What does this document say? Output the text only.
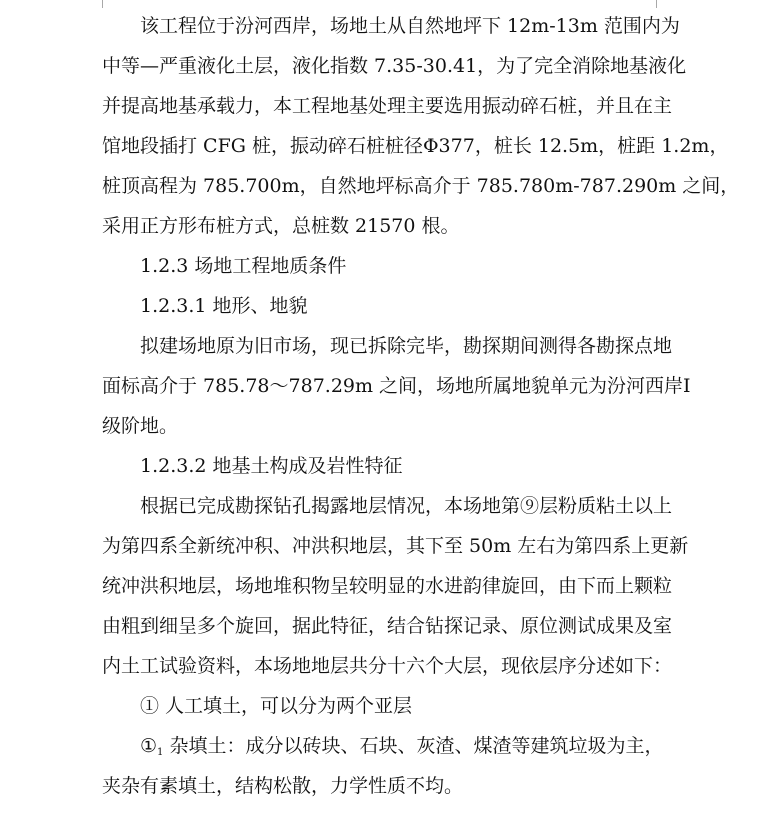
该工程位于汾河西岸，场地土从自然地坪下 12m-13m 范围内为
中等—严重液化土层，液化指数 7.35-30.41，为了完全消除地基液化
并提高地基承载力，本工程地基处理主要选用振动碎石桩，并且在主
馆地段插打 CFG 桩，振动碎石桩桩径Φ377，桩长 12.5m，桩距 1.2m，
桩顶高程为 785.700m，自然地坪标高介于 785.780m-787.290m 之间，
采用正方形布桩方式，总桩数 21570 根。
1.2.3 场地工程地质条件
1.2.3.1 地形、地貌
拟建场地原为旧市场，现已拆除完毕，勘探期间测得各勘探点地
面标高介于 785.78～787.29m 之间，场地所属地貌单元为汾河西岸Ⅰ
级阶地。
1.2.3.2 地基土构成及岩性特征
根据已完成勘探钻孔揭露地层情况，本场地第⑨层粉质粘土以上
为第四系全新统冲积、冲洪积地层，其下至 50m 左右为第四系上更新
统冲洪积地层，场地堆积物呈较明显的水进韵律旋回，由下而上颗粒
由粗到细呈多个旋回，据此特征，结合钻探记录、原位测试成果及室
内土工试验资料，本场地地层共分十六个大层，现依层序分述如下：
① 人工填土，可以分为两个亚层
$①_1$ 杂填土：成分以砖块、石块、灰渣、煤渣等建筑垃圾为主，
夹杂有素填土，结构松散，力学性质不均。
